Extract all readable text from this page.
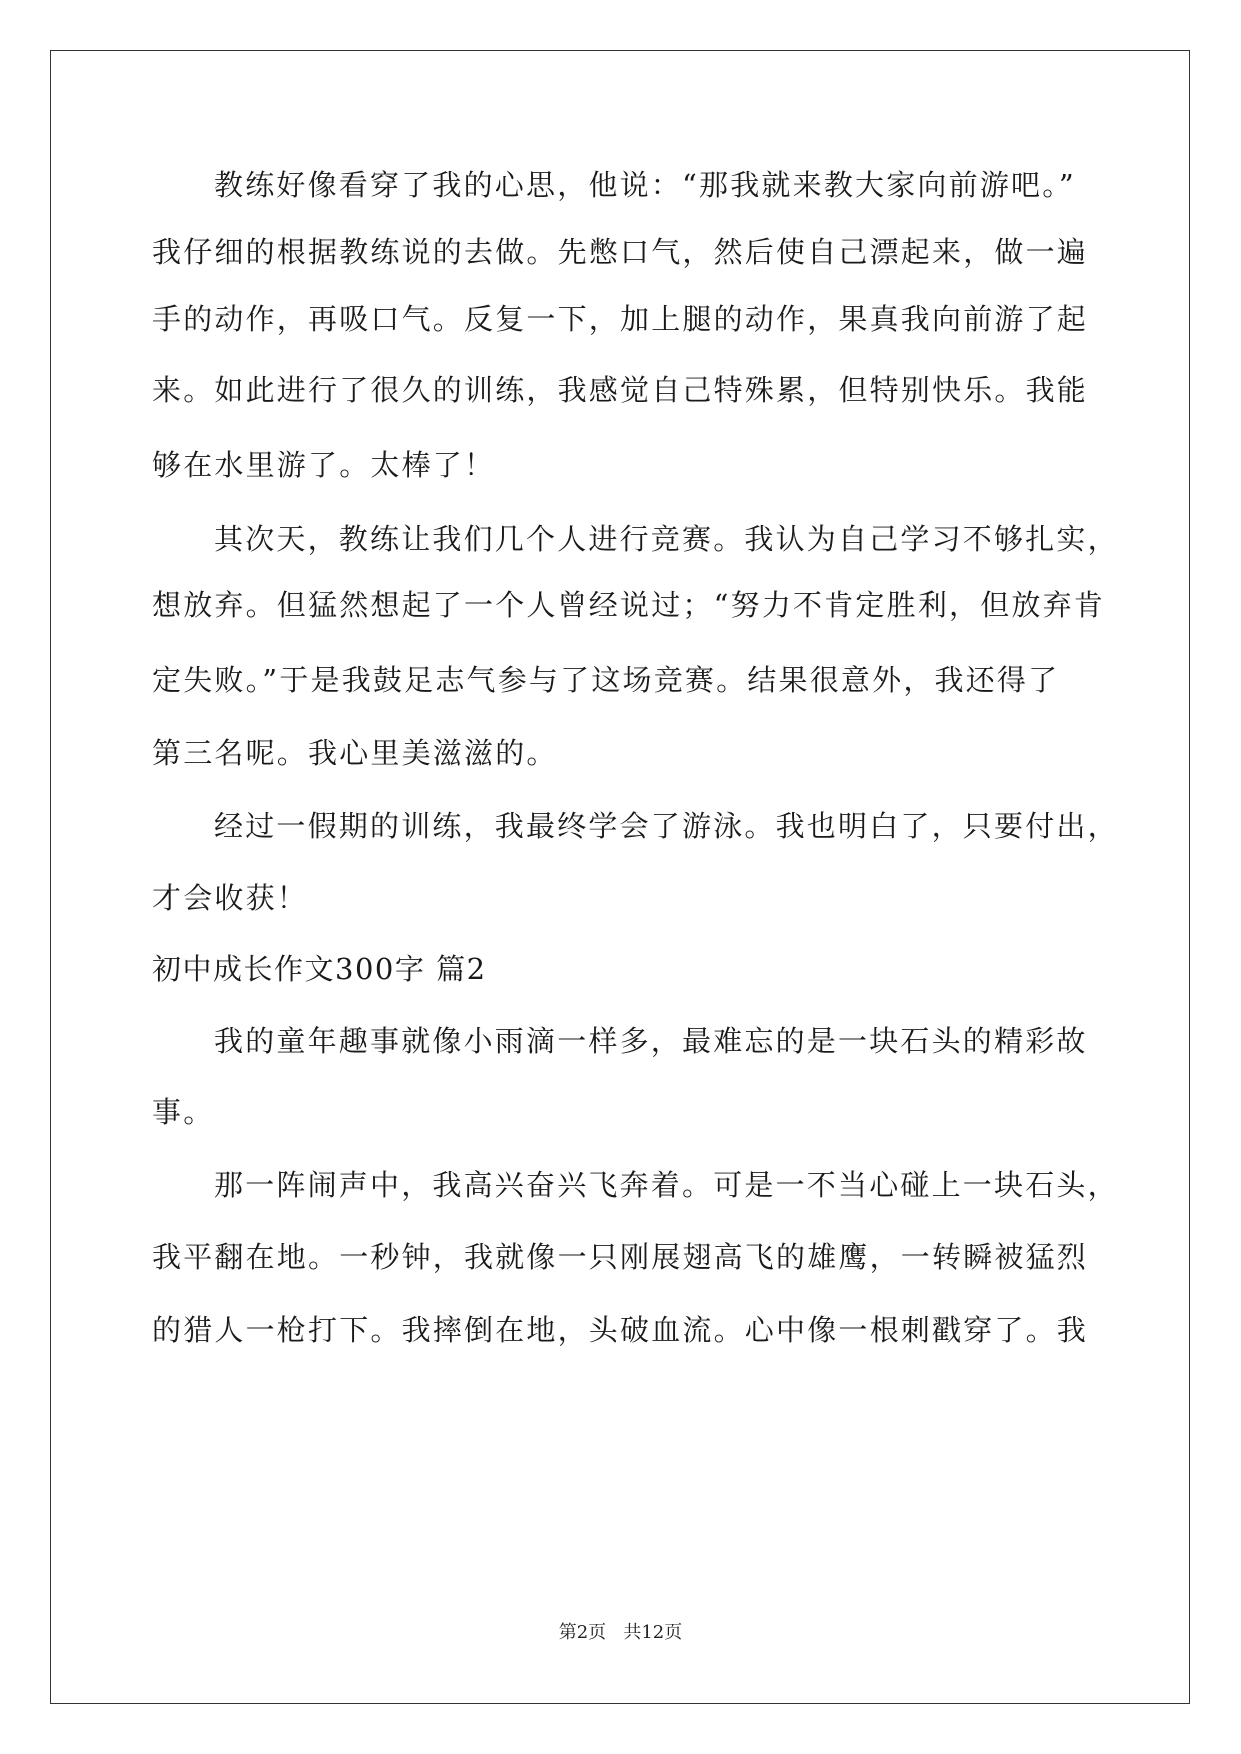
教练好像看穿了我的心思，他说：“那我就来教大家向前游吧。”
我仔细的根据教练说的去做。先憋口气，然后使自己漂起来，做一遍
手的动作，再吸口气。反复一下，加上腿的动作，果真我向前游了起
来。如此进行了很久的训练，我感觉自己特殊累，但特别快乐。我能
够在水里游了。太棒了！
其次天，教练让我们几个人进行竞赛。我认为自己学习不够扎实，
想放弃。但猛然想起了一个人曾经说过；“努力不肯定胜利，但放弃肯
定失败。”于是我鼓足志气参与了这场竞赛。结果很意外，我还得了
第三名呢。我心里美滋滋的。
经过一假期的训练，我最终学会了游泳。我也明白了，只要付出，
才会收获！
初中成长作文300字 篇2
我的童年趣事就像小雨滴一样多，最难忘的是一块石头的精彩故
事。
那一阵闹声中，我高兴奋兴飞奔着。可是一不当心碰上一块石头，
我平翻在地。一秒钟，我就像一只刚展翅高飞的雄鹰，一转瞬被猛烈
的猎人一枪打下。我摔倒在地，头破血流。心中像一根刺戳穿了。我
第2页   共12页
